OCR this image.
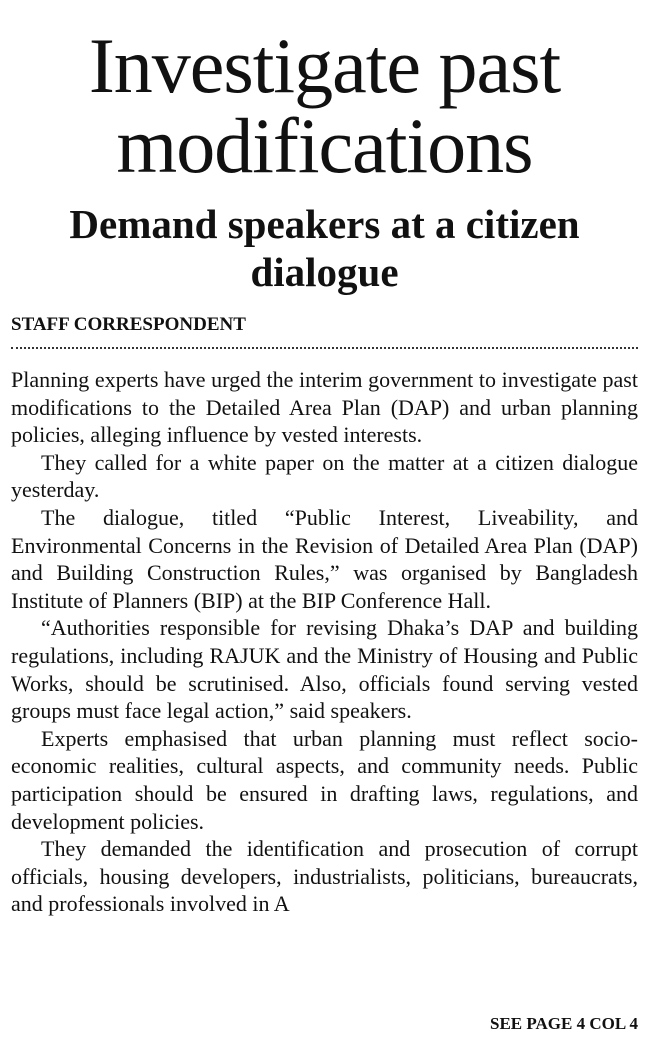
Investigate past modifications
Demand speakers at a citizen dialogue
STAFF CORRESPONDENT

Planning experts have urged the interim government to investigate past modifications to the Detailed Area Plan (DAP) and urban planning policies, alleging influence by vested interests.

They called for a white paper on the matter at a citizen dialogue yesterday.

The dialogue, titled “Public Interest, Liveability, and Environmental Concerns in the Revision of Detailed Area Plan (DAP) and Building Construction Rules,” was organised by Bangladesh Institute of Planners (BIP) at the BIP Conference Hall.

“Authorities responsible for revising Dhaka’s DAP and building regulations, including RAJUK and the Ministry of Housing and Public Works, should be scrutinised. Also, officials found serving vested groups must face legal action,” said speakers.

Experts emphasised that urban planning must reflect socio-economic realities, cultural aspects, and community needs. Public participation should be ensured in drafting laws, regulations, and development policies.

They demanded the identification and prosecution of corrupt officials, housing developers, industrialists, politicians, bureaucrats, and professionals involved in A

SEE PAGE 4 COL 4
